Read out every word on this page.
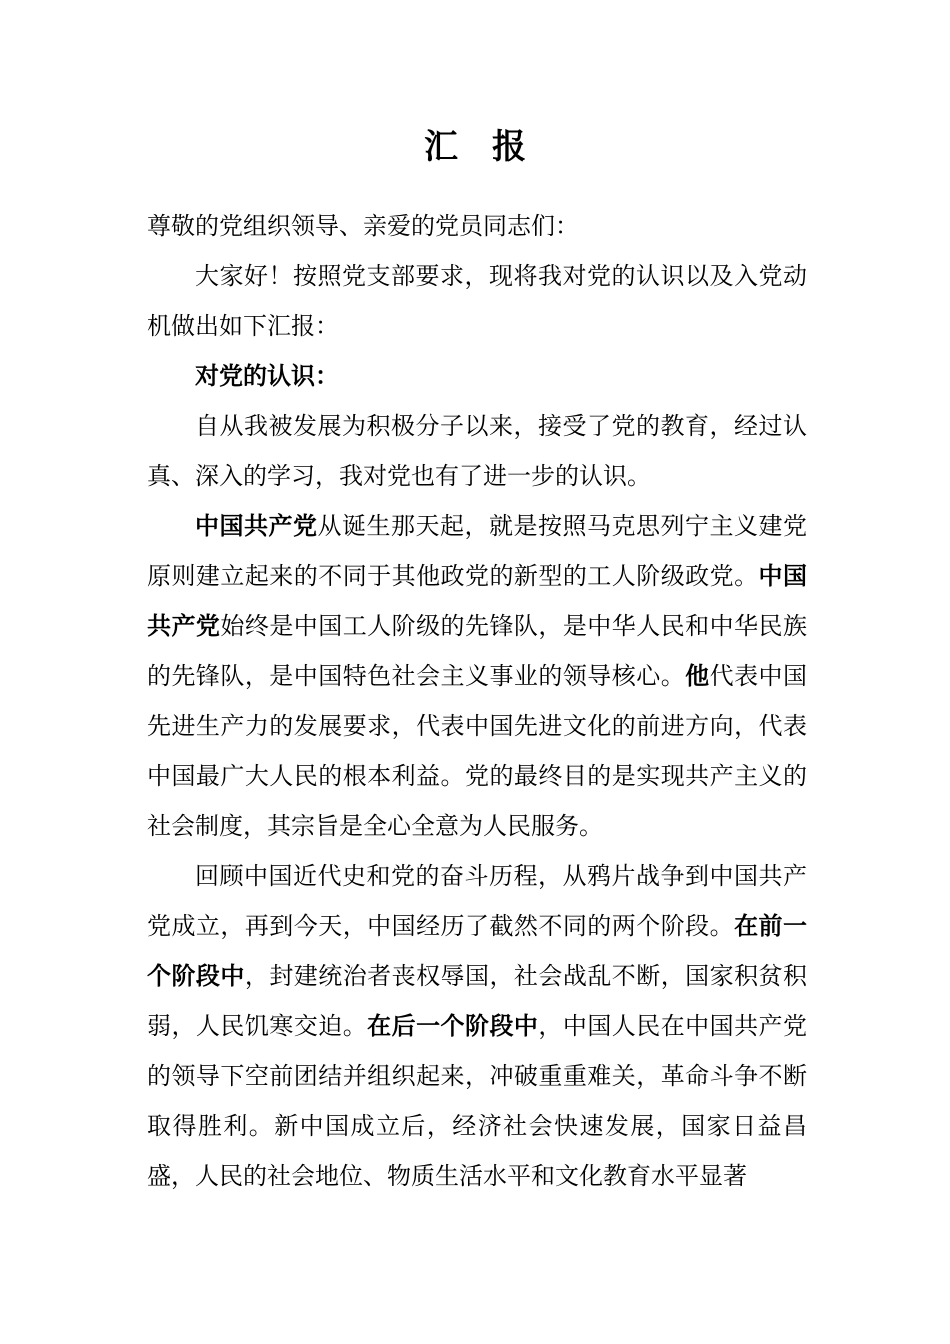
汇 报

尊敬的党组织领导、亲爱的党员同志们：

大家好！按照党支部要求，现将我对党的认识以及入党动机做出如下汇报：

对党的认识：

自从我被发展为积极分子以来，接受了党的教育，经过认真、深入的学习，我对党也有了进一步的认识。

中国共产党从诞生那天起，就是按照马克思列宁主义建党原则建立起来的不同于其他政党的新型的工人阶级政党。中国共产党始终是中国工人阶级的先锋队，是中华人民和中华民族的先锋队，是中国特色社会主义事业的领导核心。他代表中国先进生产力的发展要求，代表中国先进文化的前进方向，代表中国最广大人民的根本利益。党的最终目的是实现共产主义的社会制度，其宗旨是全心全意为人民服务。

回顾中国近代史和党的奋斗历程，从鸦片战争到中国共产党成立，再到今天，中国经历了截然不同的两个阶段。在前一个阶段中，封建统治者丧权辱国，社会战乱不断，国家积贫积弱，人民饥寒交迫。在后一个阶段中，中国人民在中国共产党的领导下空前团结并组织起来，冲破重重难关，革命斗争不断取得胜利。新中国成立后，经济社会快速发展，国家日益昌盛，人民的社会地位、物质生活水平和文化教育水平显著
